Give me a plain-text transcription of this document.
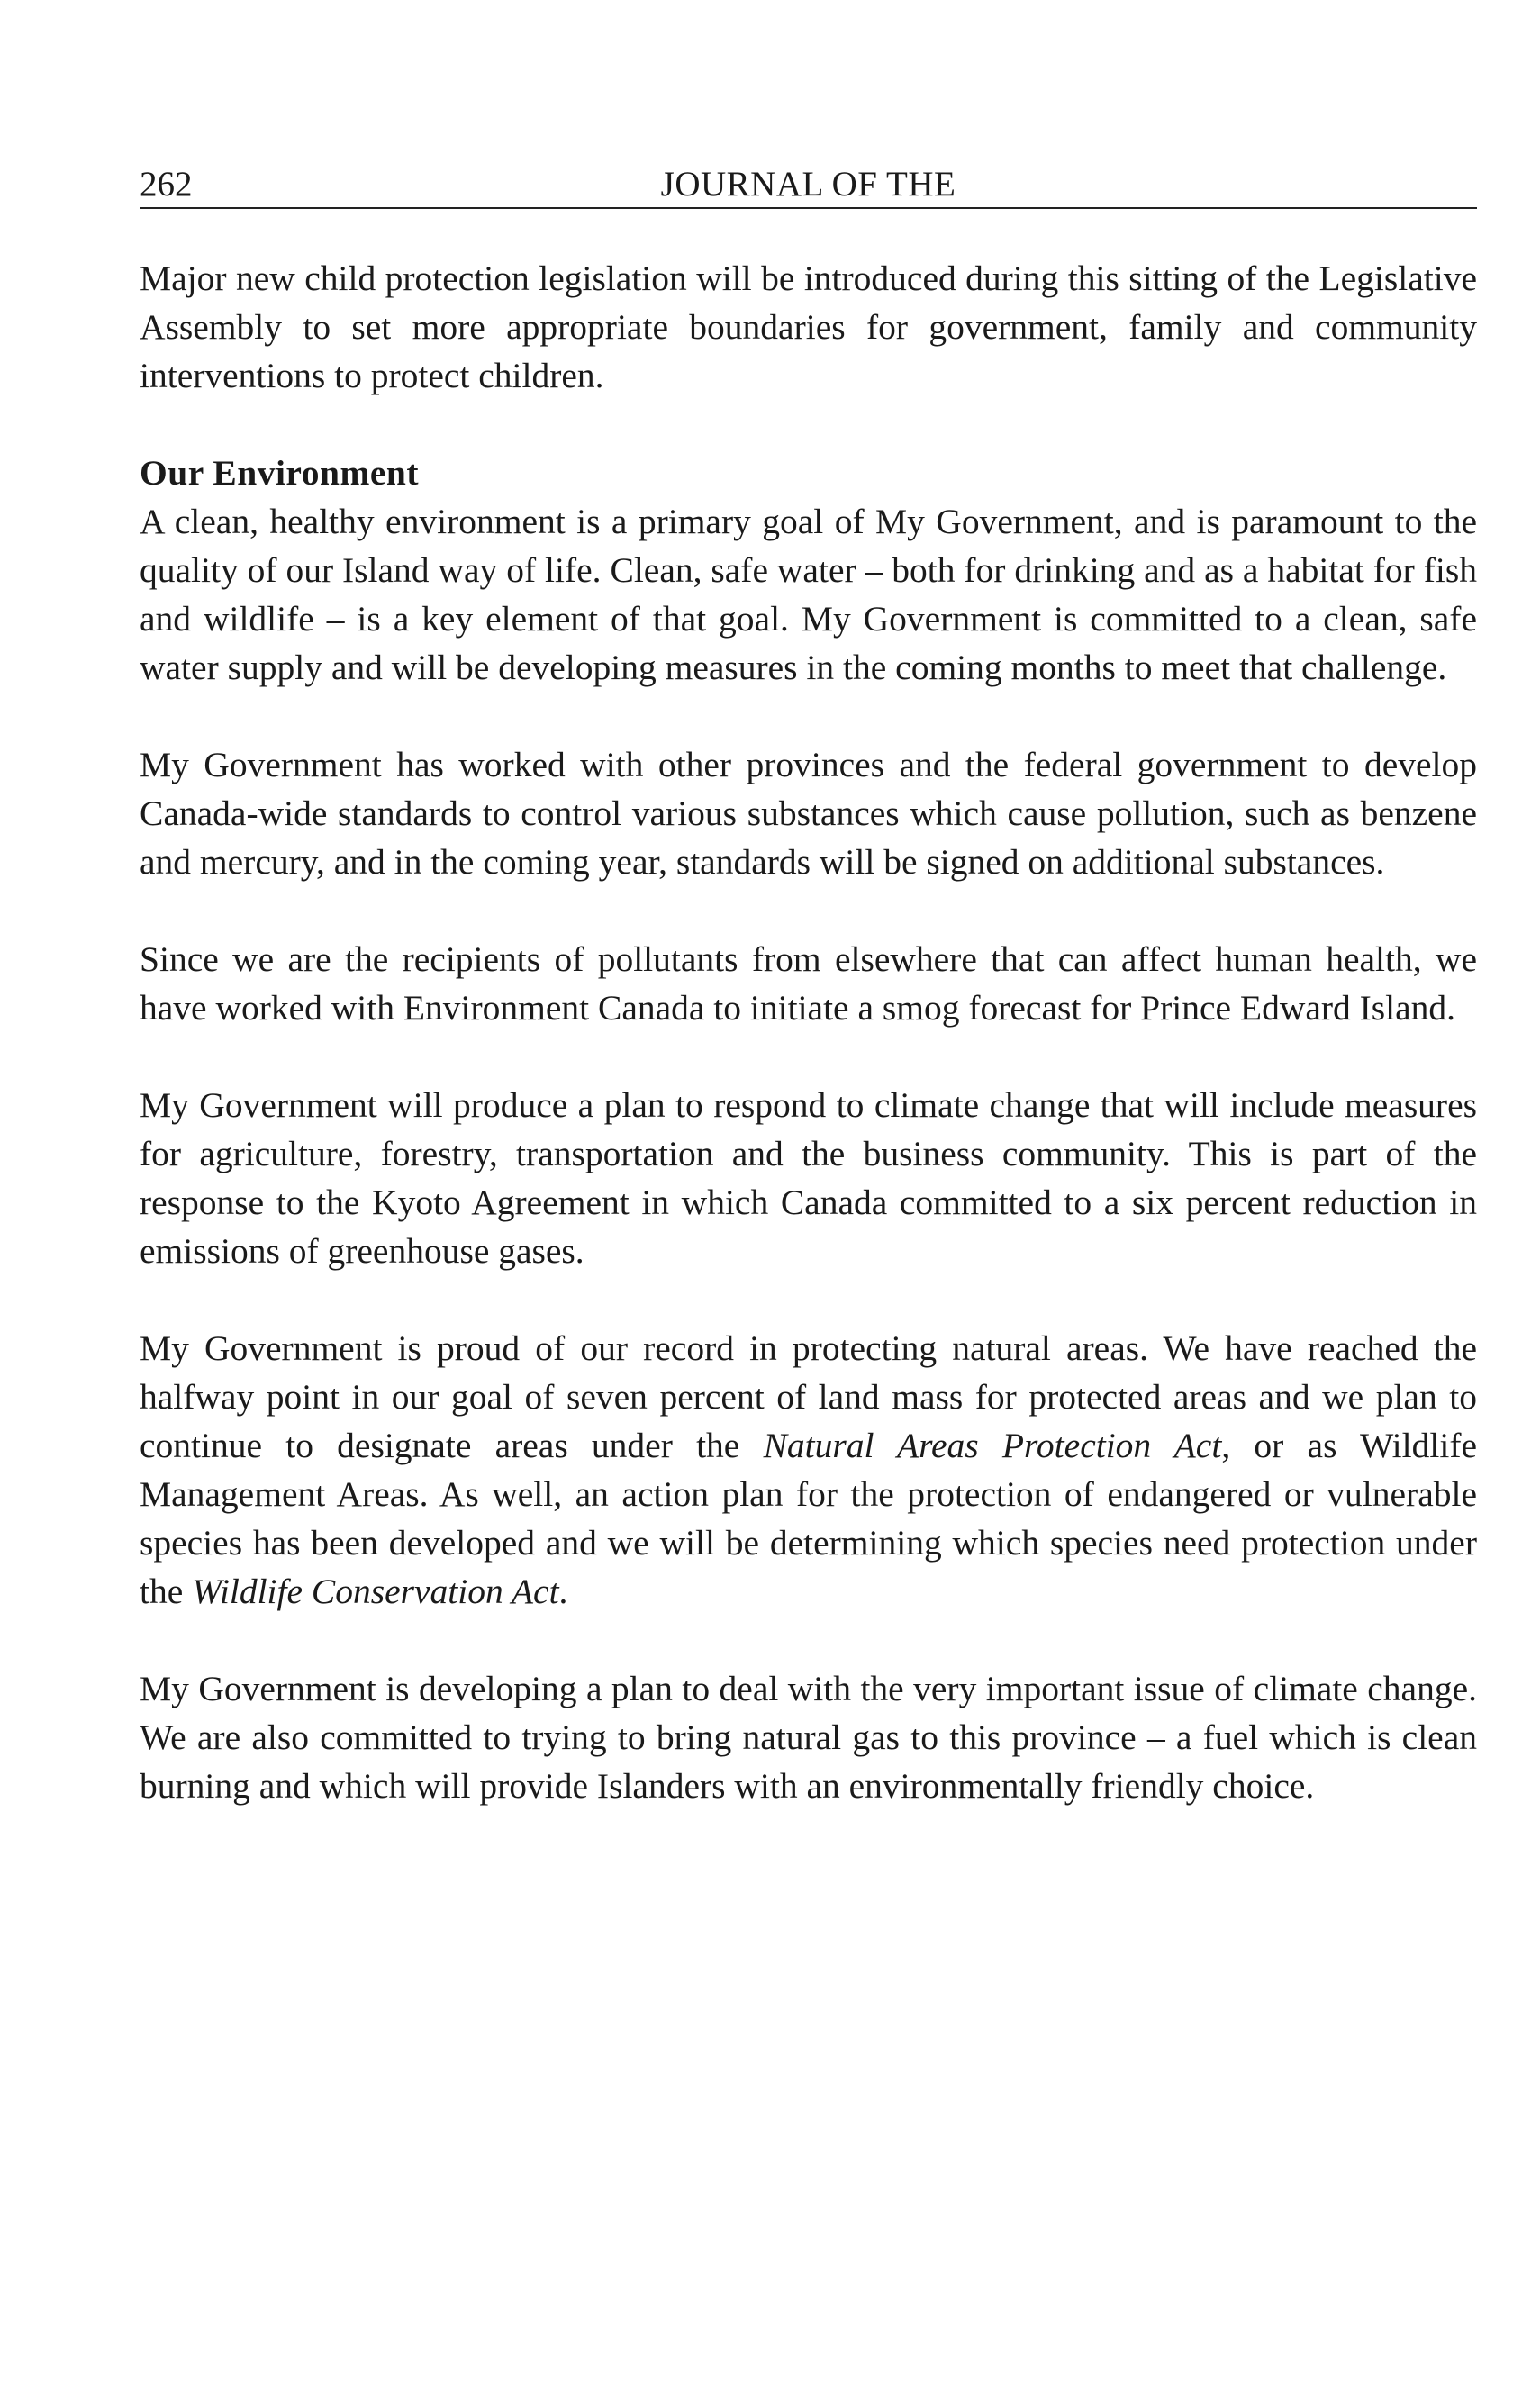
262	JOURNAL OF THE

Major new child protection legislation will be introduced during this sitting of the Legislative Assembly to set more appropriate boundaries for government, family and community interventions to protect children.

Our Environment

A clean, healthy environment is a primary goal of My Government, and is paramount to the quality of our Island way of life. Clean, safe water – both for drinking and as a habitat for fish and wildlife – is a key element of that goal. My Government is committed to a clean, safe water supply and will be developing measures in the coming months to meet that challenge.

My Government has worked with other provinces and the federal government to develop Canada-wide standards to control various substances which cause pollution, such as benzene and mercury, and in the coming year, standards will be signed on additional substances.

Since we are the recipients of pollutants from elsewhere that can affect human health, we have worked with Environment Canada to initiate a smog forecast for Prince Edward Island.

My Government will produce a plan to respond to climate change that will include measures for agriculture, forestry, transportation and the business community. This is part of the response to the Kyoto Agreement in which Canada committed to a six percent reduction in emissions of greenhouse gases.

My Government is proud of our record in protecting natural areas. We have reached the halfway point in our goal of seven percent of land mass for protected areas and we plan to continue to designate areas under the Natural Areas Protection Act, or as Wildlife Management Areas. As well, an action plan for the protection of endangered or vulnerable species has been developed and we will be determining which species need protection under the Wildlife Conservation Act.

My Government is developing a plan to deal with the very important issue of climate change. We are also committed to trying to bring natural gas to this province – a fuel which is clean burning and which will provide Islanders with an environmentally friendly choice.
